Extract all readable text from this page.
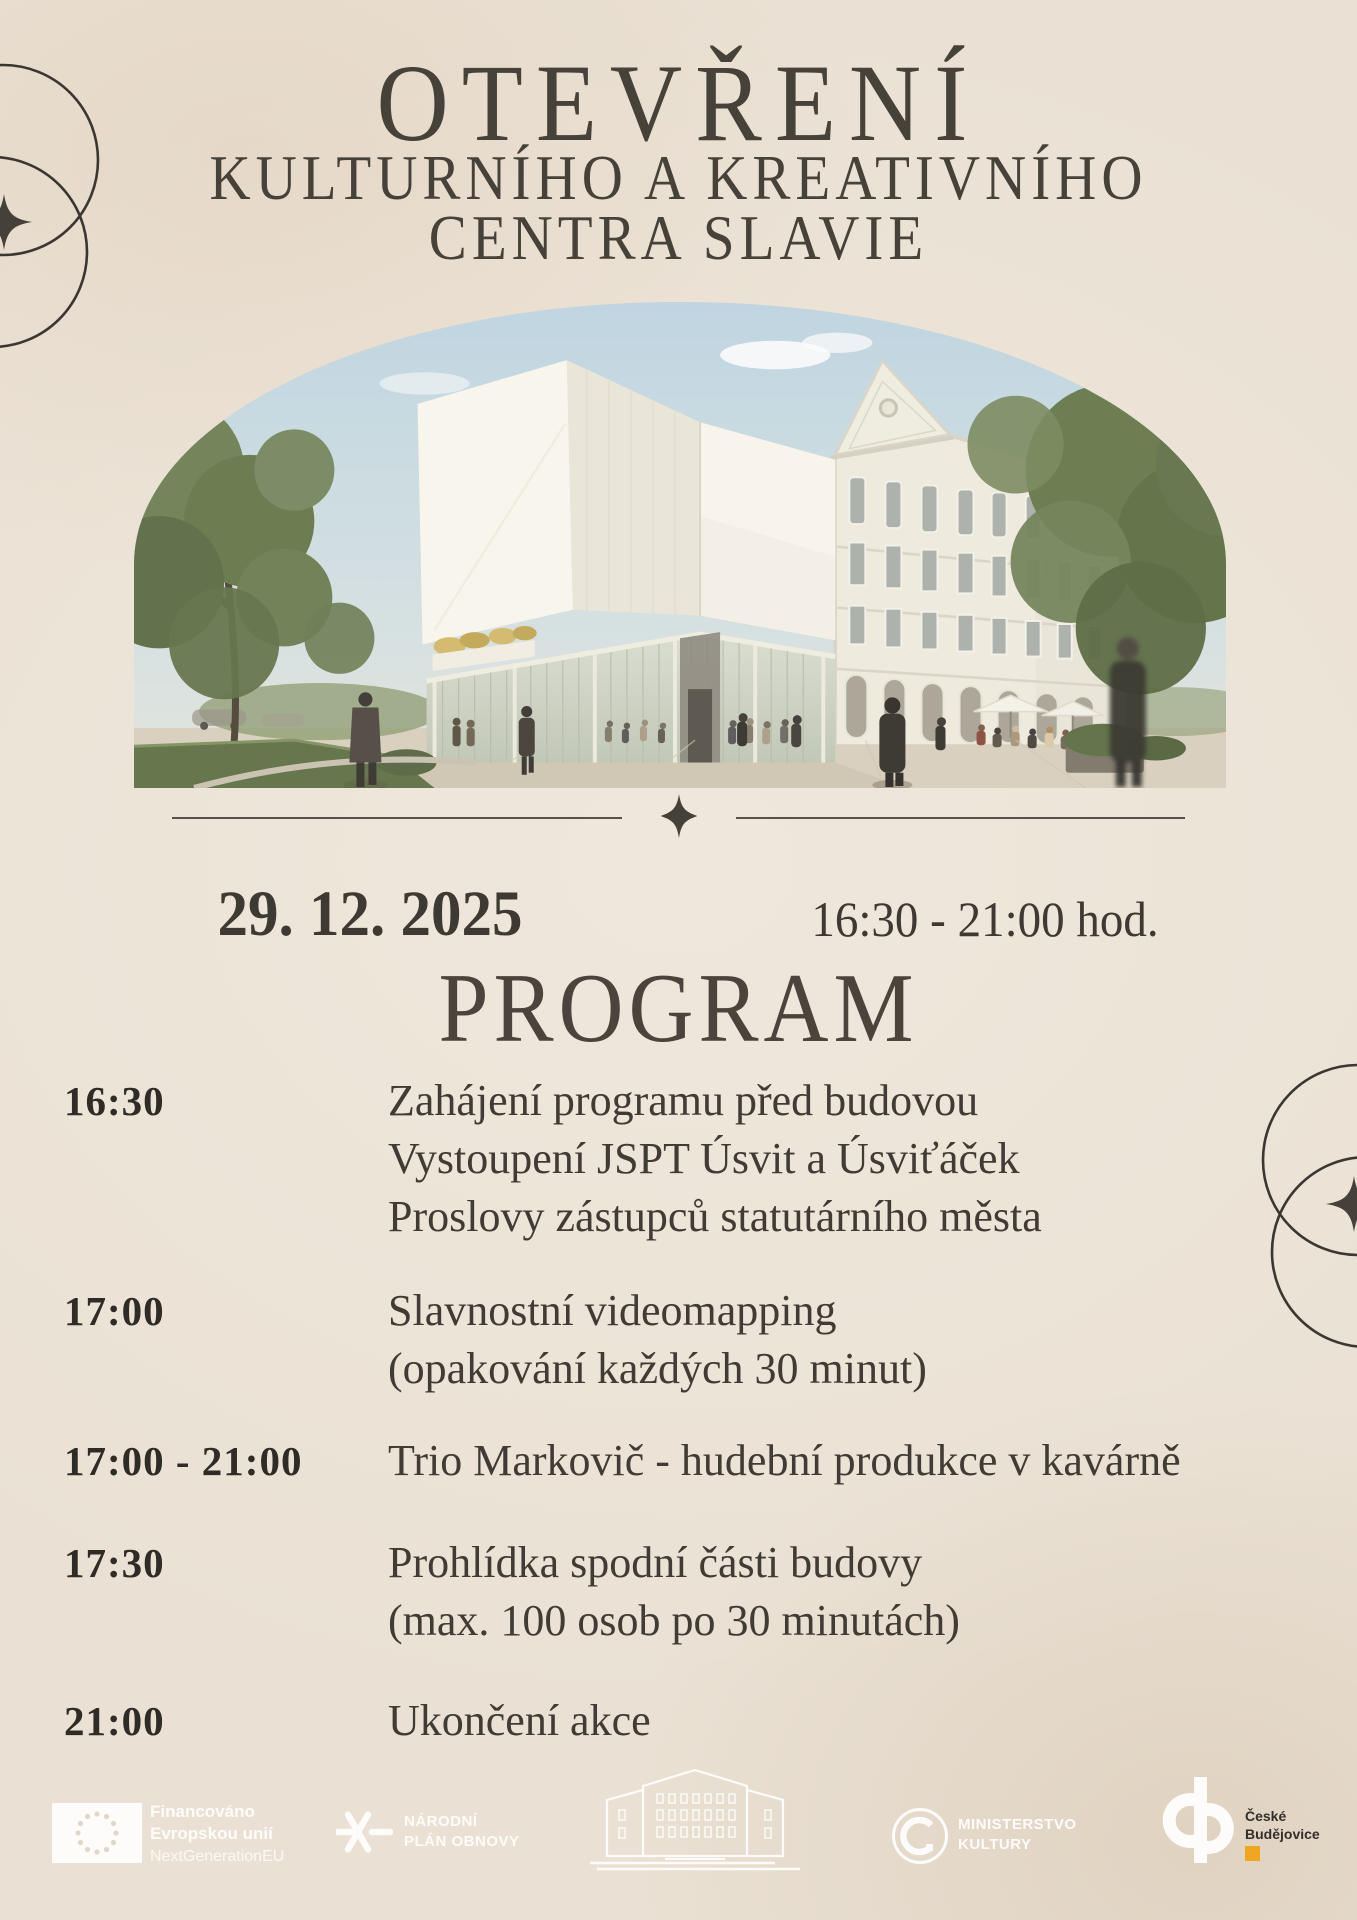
OTEVŘENÍ
KULTURNÍHO A KREATIVNÍHO
CENTRA SLAVIE
29. 12. 2025	16:30 - 21:00 hod.
PROGRAM
16:30	Zahájení programu před budovou
Vystoupení JSPT Úsvit a Úsviťáček
Proslovy zástupců statutárního města
17:00	Slavnostní videomapping
(opakování každých 30 minut)
17:00 - 21:00	Trio Markovič - hudební produkce v kavárně
17:30	Prohlídka spodní části budovy
(max. 100 osob po 30 minutách)
21:00	Ukončení akce
Financováno
Evropskou unií
NextGenerationEU
NÁRODNÍ
PLÁN OBNOVY
MINISTERSTVO
KULTURY
České
Budějovice
